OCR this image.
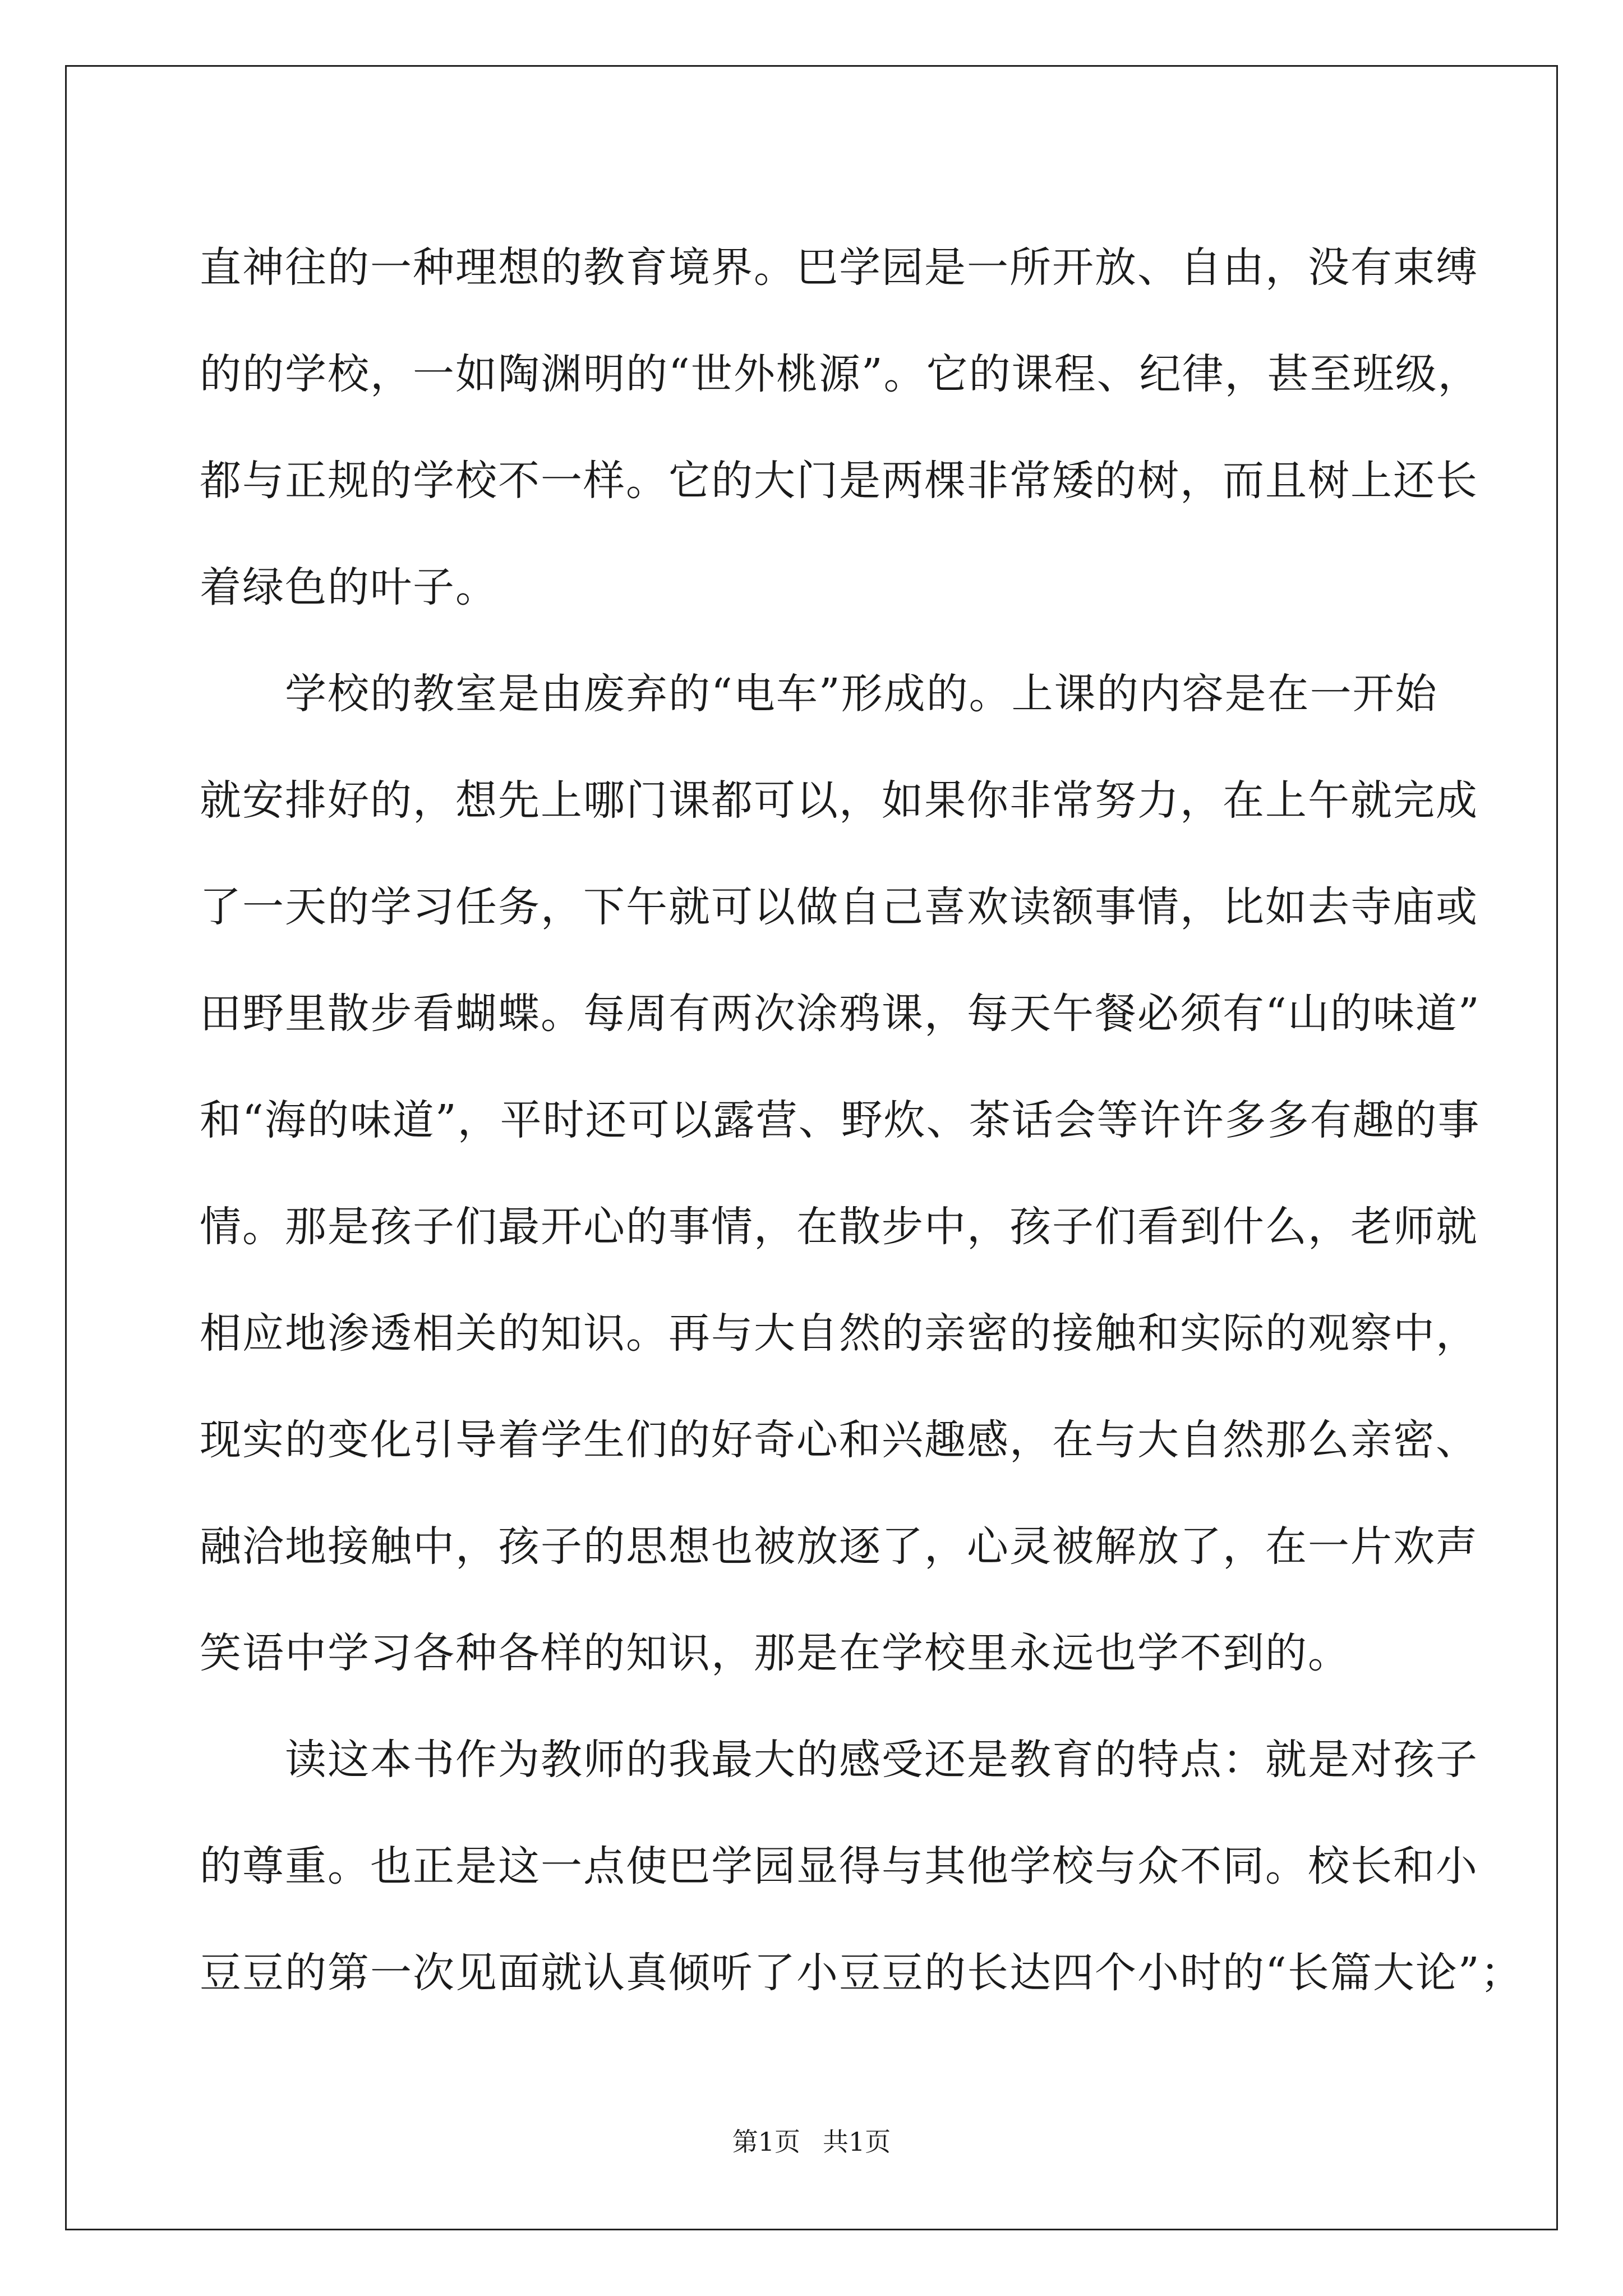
直神往的一种理想的教育境界。巴学园是一所开放、自由，没有束缚
的的学校，一如陶渊明的“世外桃源”。它的课程、纪律，甚至班级，
都与正规的学校不一样。它的大门是两棵非常矮的树，而且树上还长
着绿色的叶子。
　　学校的教室是由废弃的“电车”形成的。上课的内容是在一开始
就安排好的，想先上哪门课都可以，如果你非常努力，在上午就完成
了一天的学习任务，下午就可以做自己喜欢读额事情，比如去寺庙或
田野里散步看蝴蝶。每周有两次涂鸦课，每天午餐必须有“山的味道”
和“海的味道”，平时还可以露营、野炊、茶话会等许许多多有趣的事
情。那是孩子们最开心的事情，在散步中，孩子们看到什么，老师就
相应地渗透相关的知识。再与大自然的亲密的接触和实际的观察中，
现实的变化引导着学生们的好奇心和兴趣感，在与大自然那么亲密、
融洽地接触中，孩子的思想也被放逐了，心灵被解放了，在一片欢声
笑语中学习各种各样的知识，那是在学校里永远也学不到的。
　　读这本书作为教师的我最大的感受还是教育的特点：就是对孩子
的尊重。也正是这一点使巴学园显得与其他学校与众不同。校长和小
豆豆的第一次见面就认真倾听了小豆豆的长达四个小时的“长篇大论”；
第1页 共1页
